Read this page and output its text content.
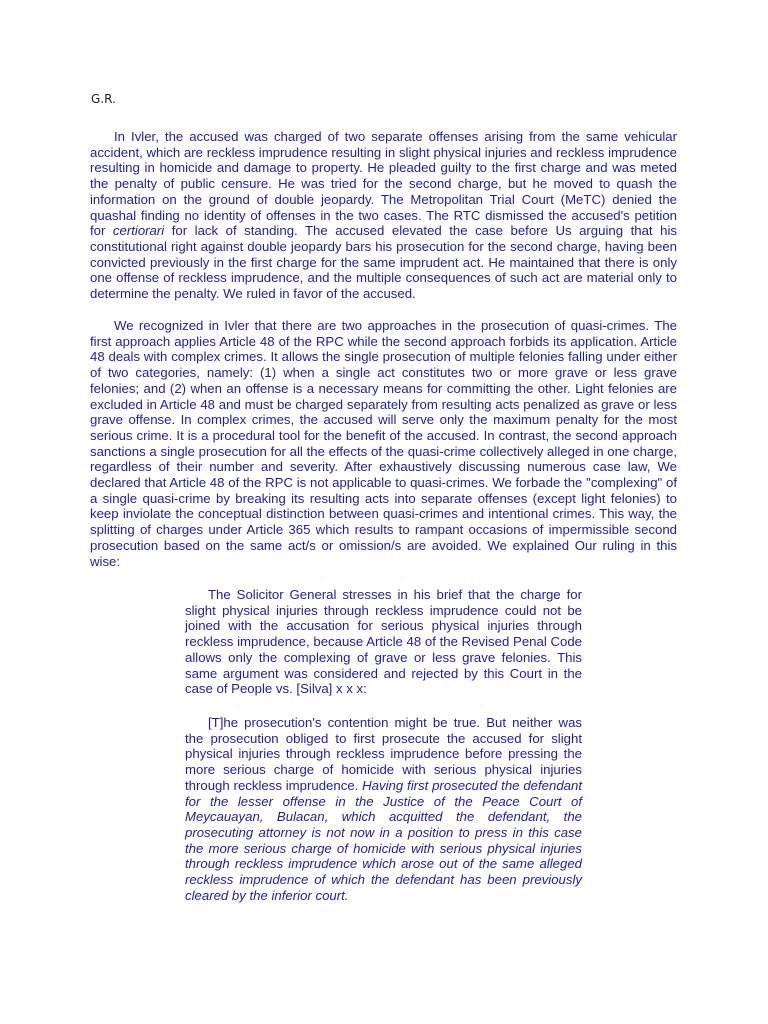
G.R.

In Ivler, the accused was charged of two separate offenses arising from the same vehicular accident, which are reckless imprudence resulting in slight physical injuries and reckless imprudence resulting in homicide and damage to property. He pleaded guilty to the first charge and was meted the penalty of public censure. He was tried for the second charge, but he moved to quash the information on the ground of double jeopardy. The Metropolitan Trial Court (MeTC) denied the quashal finding no identity of offenses in the two cases. The RTC dismissed the accused's petition for certiorari for lack of standing. The accused elevated the case before Us arguing that his constitutional right against double jeopardy bars his prosecution for the second charge, having been convicted previously in the first charge for the same imprudent act. He maintained that there is only one offense of reckless imprudence, and the multiple consequences of such act are material only to determine the penalty. We ruled in favor of the accused.

We recognized in Ivler that there are two approaches in the prosecution of quasi-crimes. The first approach applies Article 48 of the RPC while the second approach forbids its application. Article 48 deals with complex crimes. It allows the single prosecution of multiple felonies falling under either of two categories, namely: (1) when a single act constitutes two or more grave or less grave felonies; and (2) when an offense is a necessary means for committing the other. Light felonies are excluded in Article 48 and must be charged separately from resulting acts penalized as grave or less grave offense. In complex crimes, the accused will serve only the maximum penalty for the most serious crime. It is a procedural tool for the benefit of the accused. In contrast, the second approach sanctions a single prosecution for all the effects of the quasi-crime collectively alleged in one charge, regardless of their number and severity. After exhaustively discussing numerous case law, We declared that Article 48 of the RPC is not applicable to quasi-crimes. We forbade the "complexing" of a single quasi-crime by breaking its resulting acts into separate offenses (except light felonies) to keep inviolate the conceptual distinction between quasi-crimes and intentional crimes. This way, the splitting of charges under Article 365 which results to rampant occasions of impermissible second prosecution based on the same act/s or omission/s are avoided. We explained Our ruling in this wise:

The Solicitor General stresses in his brief that the charge for slight physical injuries through reckless imprudence could not be joined with the accusation for serious physical injuries through reckless imprudence, because Article 48 of the Revised Penal Code allows only the complexing of grave or less grave felonies. This same argument was considered and rejected by this Court in the case of People vs. [Silva] x x x:

[T]he prosecution's contention might be true. But neither was the prosecution obliged to first prosecute the accused for slight physical injuries through reckless imprudence before pressing the more serious charge of homicide with serious physical injuries through reckless imprudence. Having first prosecuted the defendant for the lesser offense in the Justice of the Peace Court of Meycauayan, Bulacan, which acquitted the defendant, the prosecuting attorney is not now in a position to press in this case the more serious charge of homicide with serious physical injuries through reckless imprudence which arose out of the same alleged reckless imprudence of which the defendant has been previously cleared by the inferior court.
